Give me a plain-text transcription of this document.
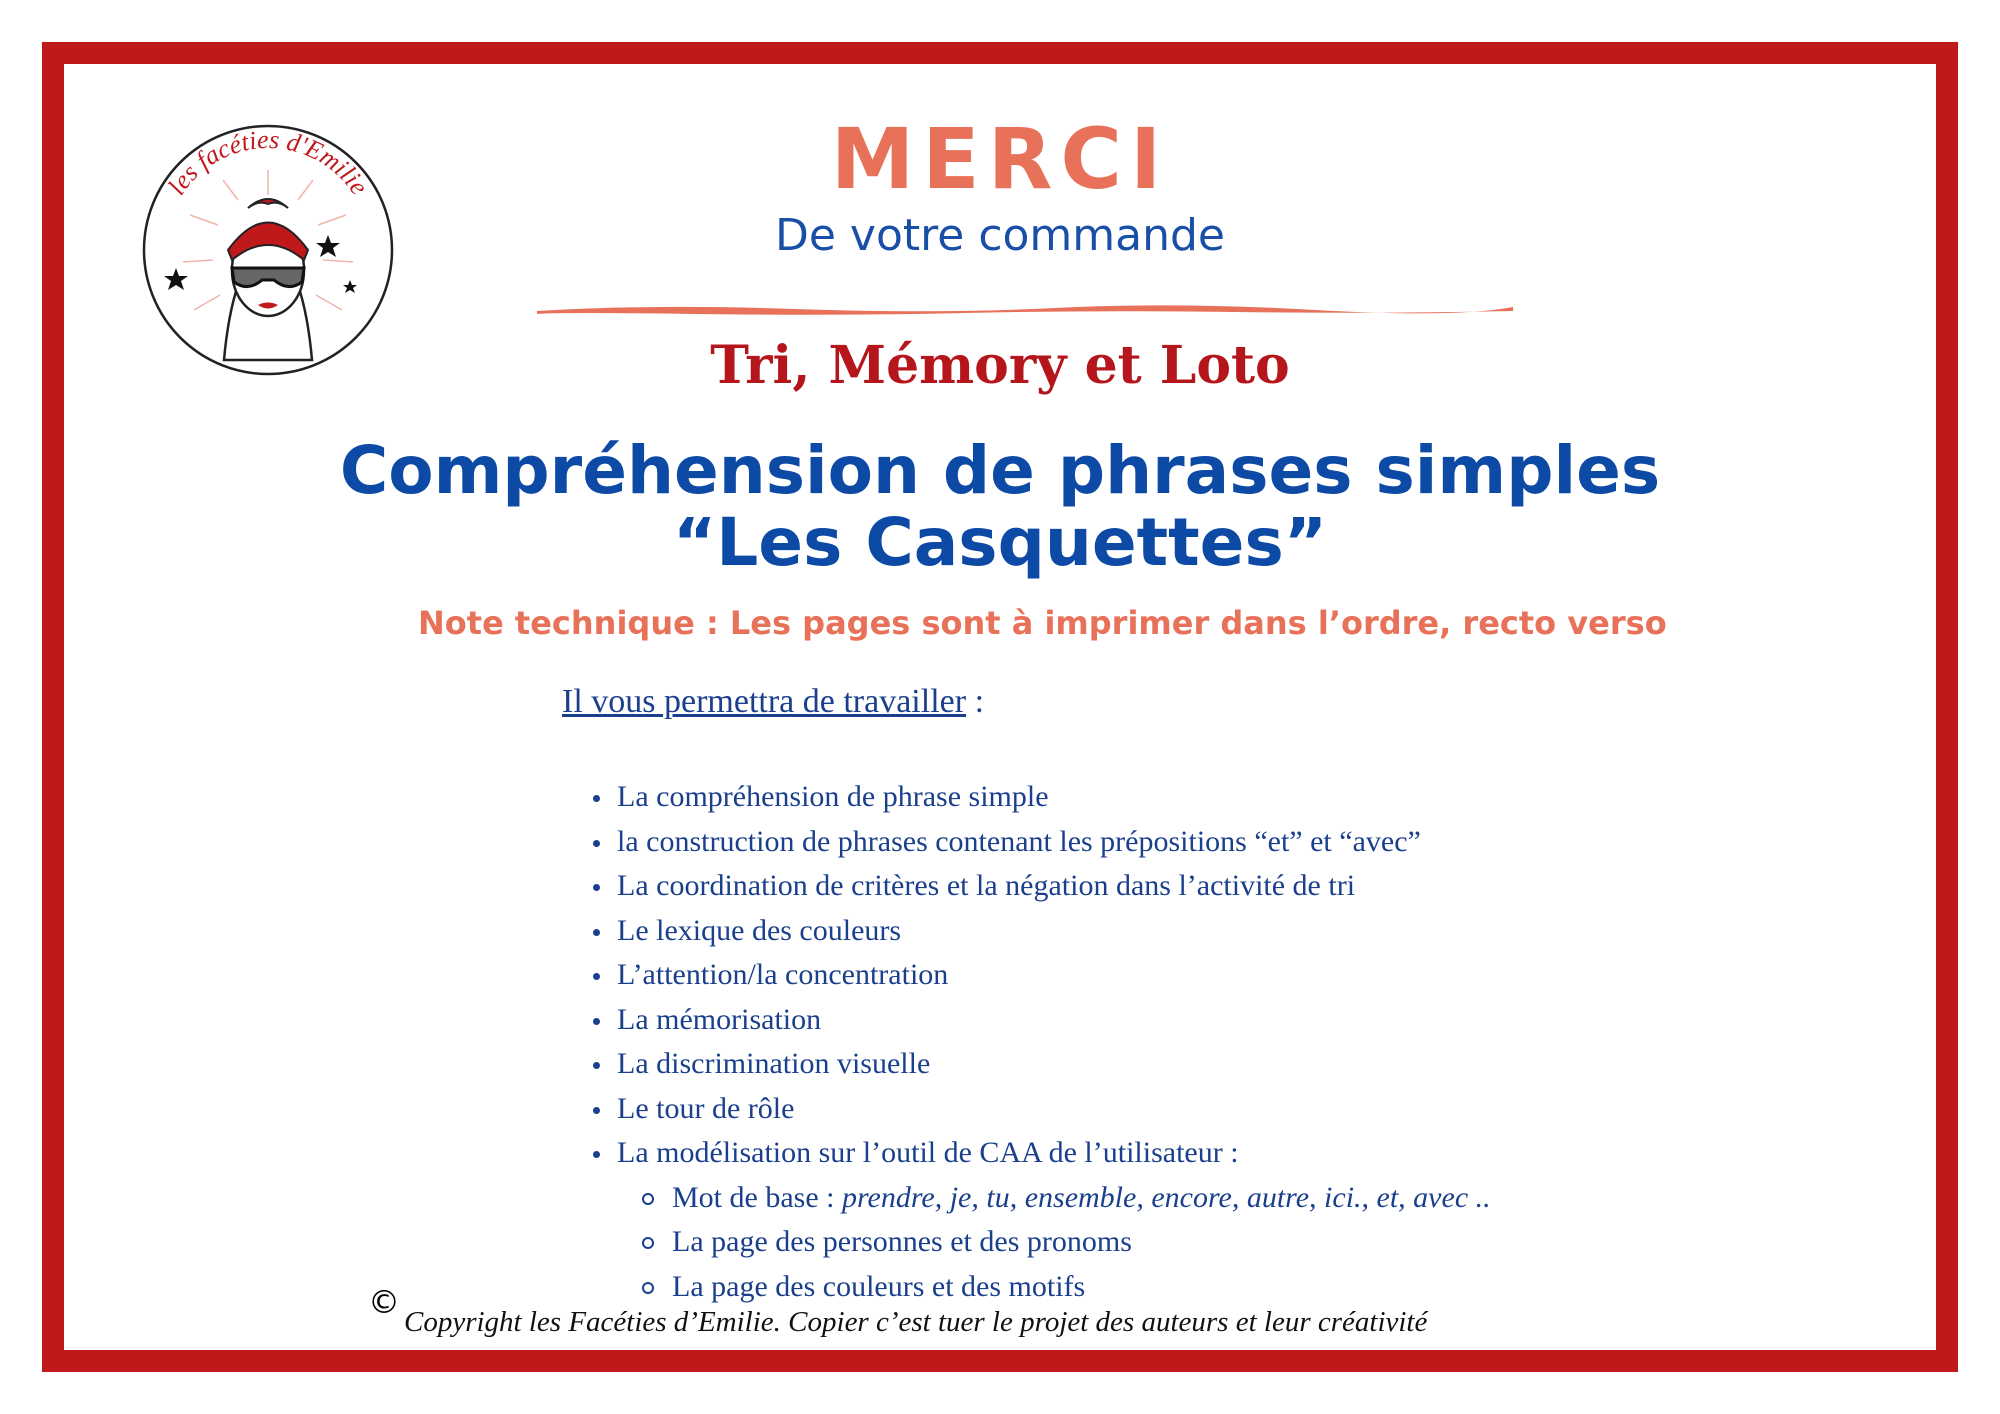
les facéties d'Emilie	MERCI
De votre commande
Tri, Mémory et Loto
Compréhension de phrases simples
“Les Casquettes”
Note technique : Les pages sont à imprimer dans l’ordre, recto verso
Il vous permettra de travailler :
La compréhension de phrase simple
la construction de phrases contenant les prépositions “et” et “avec”
La coordination de critères et la négation dans l’activité de tri
Le lexique des couleurs
L’attention/la concentration
La mémorisation
La discrimination visuelle
Le tour de rôle
La modélisation sur l’outil de CAA de l’utilisateur :
Mot de base : prendre, je, tu, ensemble, encore, autre, ici., et, avec ..
La page des personnes et des pronoms
La page des couleurs et des motifs
©
Copyright les Facéties d’Emilie. Copier c’est tuer le projet des auteurs et leur créativité
